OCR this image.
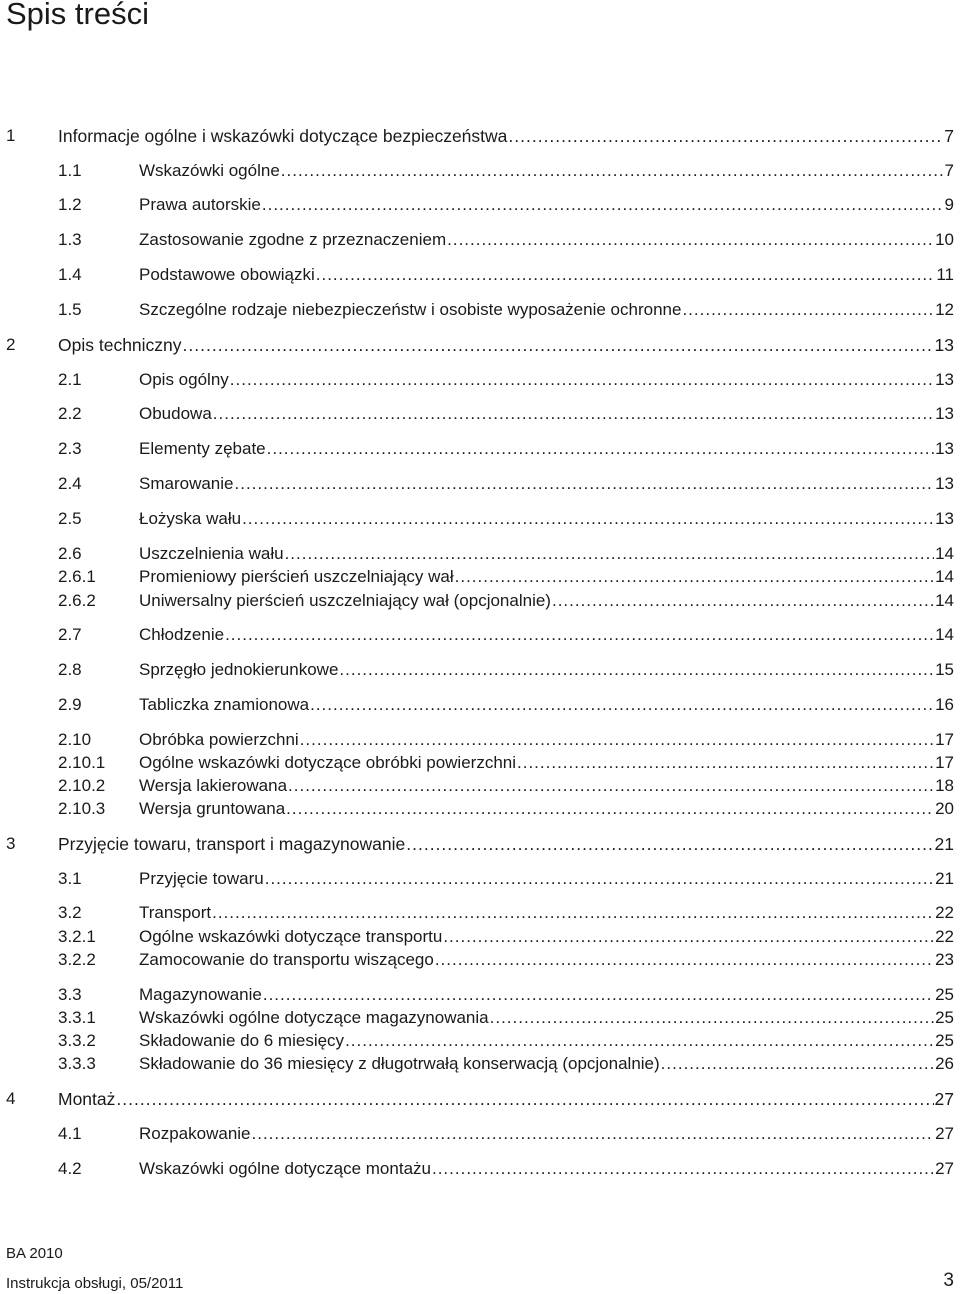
Spis treści
1 Informacje ogólne i wskazówki dotyczące bezpieczeństwa .....	7
1.1	Wskazówki ogólne .....	7
1.2	Prawa autorskie .....	9
1.3	Zastosowanie zgodne z przeznaczeniem .....	10
1.4	Podstawowe obowiązki .....	11
1.5	Szczególne rodzaje niebezpieczeństw i osobiste wyposażenie ochronne .....	12
2 Opis techniczny .....	13
2.1	Opis ogólny .....	13
2.2	Obudowa .....	13
2.3	Elementy zębate .....	13
2.4	Smarowanie .....	13
2.5	Łożyska wału .....	13
2.6	Uszczelnienia wału .....	14
2.6.1	Promieniowy pierścień uszczelniający wał .....	14
2.6.2	Uniwersalny pierścień uszczelniający wał (opcjonalnie) .....	14
2.7	Chłodzenie .....	14
2.8	Sprzęgło jednokierunkowe .....	15
2.9	Tabliczka znamionowa .....	16
2.10	Obróbka powierzchni .....	17
2.10.1 Ogólne wskazówki dotyczące obróbki powierzchni .....	17
2.10.2 Wersja lakierowana .....	18
2.10.3 Wersja gruntowana .....	20
3 Przyjęcie towaru, transport i magazynowanie .....	21
3.1	Przyjęcie towaru .....	21
3.2	Transport .....	22
3.2.1	Ogólne wskazówki dotyczące transportu .....	22
3.2.2	Zamocowanie do transportu wiszącego .....	23
3.3	Magazynowanie .....	25
3.3.1	Wskazówki ogólne dotyczące magazynowania .....	25
3.3.2	Składowanie do 6 miesięcy .....	25
3.3.3	Składowanie do 36 miesięcy z długotrwałą konserwacją (opcjonalnie) .....	26
4 Montaż .....	27
4.1	Rozpakowanie .....	27
4.2	Wskazówki ogólne dotyczące montażu .....	27
BA 2010
Instrukcja obsługi, 05/2011	3
